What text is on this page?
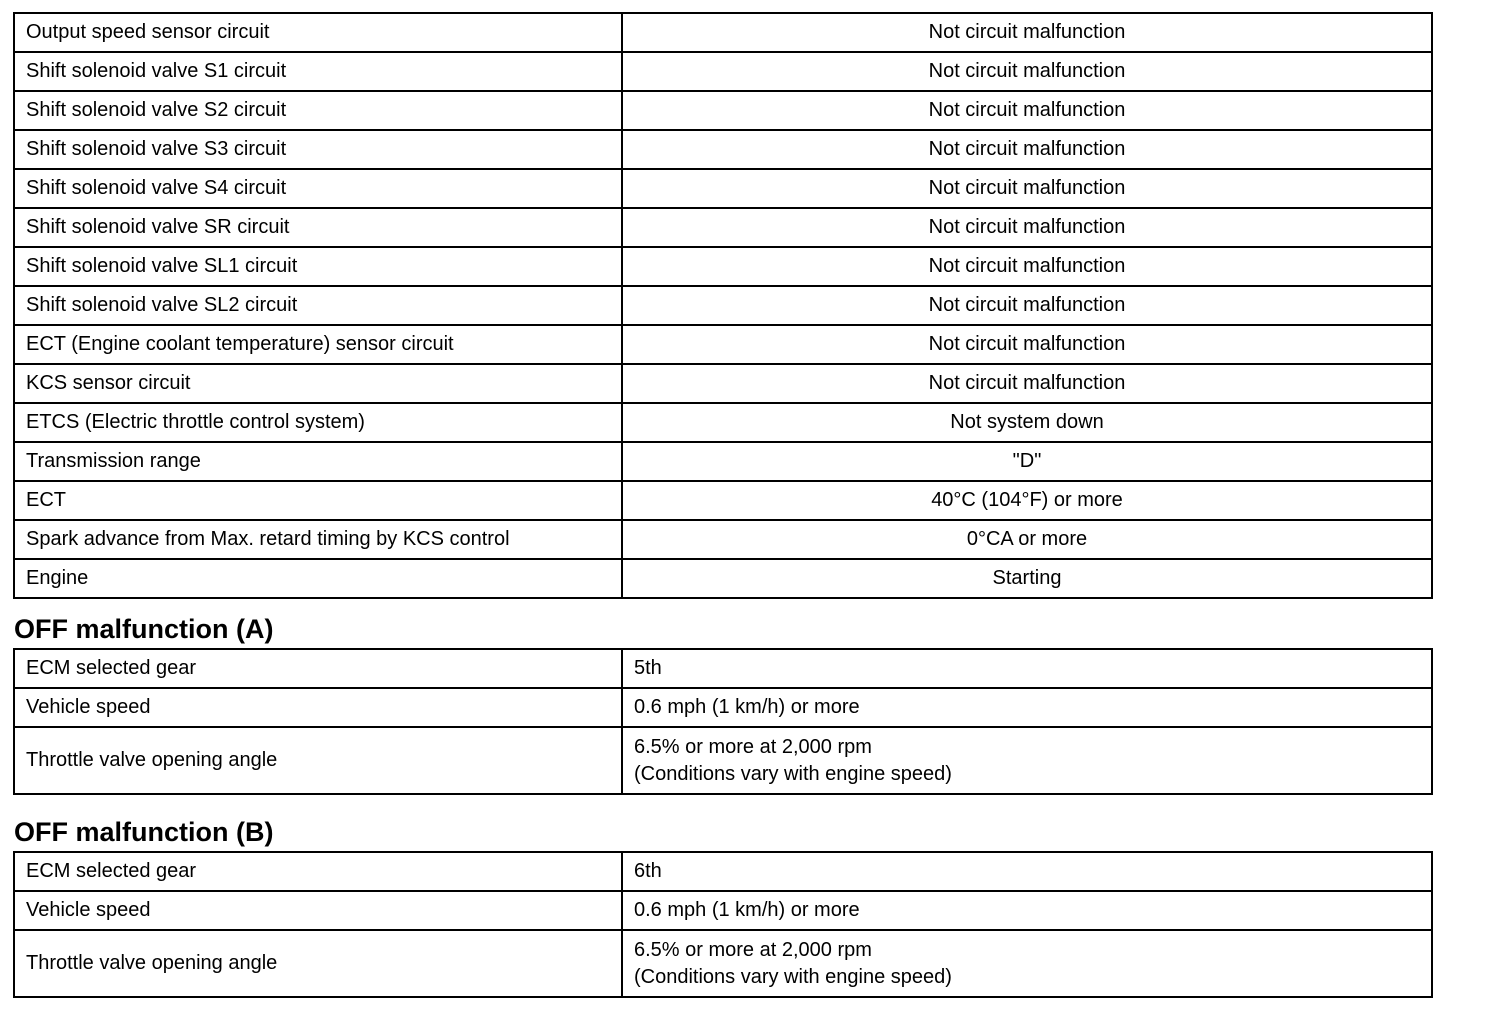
Output speed sensor circuit	Not circuit malfunction
Shift solenoid valve S1 circuit	Not circuit malfunction
Shift solenoid valve S2 circuit	Not circuit malfunction
Shift solenoid valve S3 circuit	Not circuit malfunction
Shift solenoid valve S4 circuit	Not circuit malfunction
Shift solenoid valve SR circuit	Not circuit malfunction
Shift solenoid valve SL1 circuit	Not circuit malfunction
Shift solenoid valve SL2 circuit	Not circuit malfunction
ECT (Engine coolant temperature) sensor circuit	Not circuit malfunction
KCS sensor circuit	Not circuit malfunction
ETCS (Electric throttle control system)	Not system down
Transmission range	"D"
ECT	40°C (104°F) or more
Spark advance from Max. retard timing by KCS control	0°CA or more
Engine	Starting
OFF malfunction (A)
ECM selected gear	5th
Vehicle speed	0.6 mph (1 km/h) or more
Throttle valve opening angle	6.5% or more at 2,000 rpm
(Conditions vary with engine speed)
OFF malfunction (B)
ECM selected gear	6th
Vehicle speed	0.6 mph (1 km/h) or more
Throttle valve opening angle	6.5% or more at 2,000 rpm
(Conditions vary with engine speed)
